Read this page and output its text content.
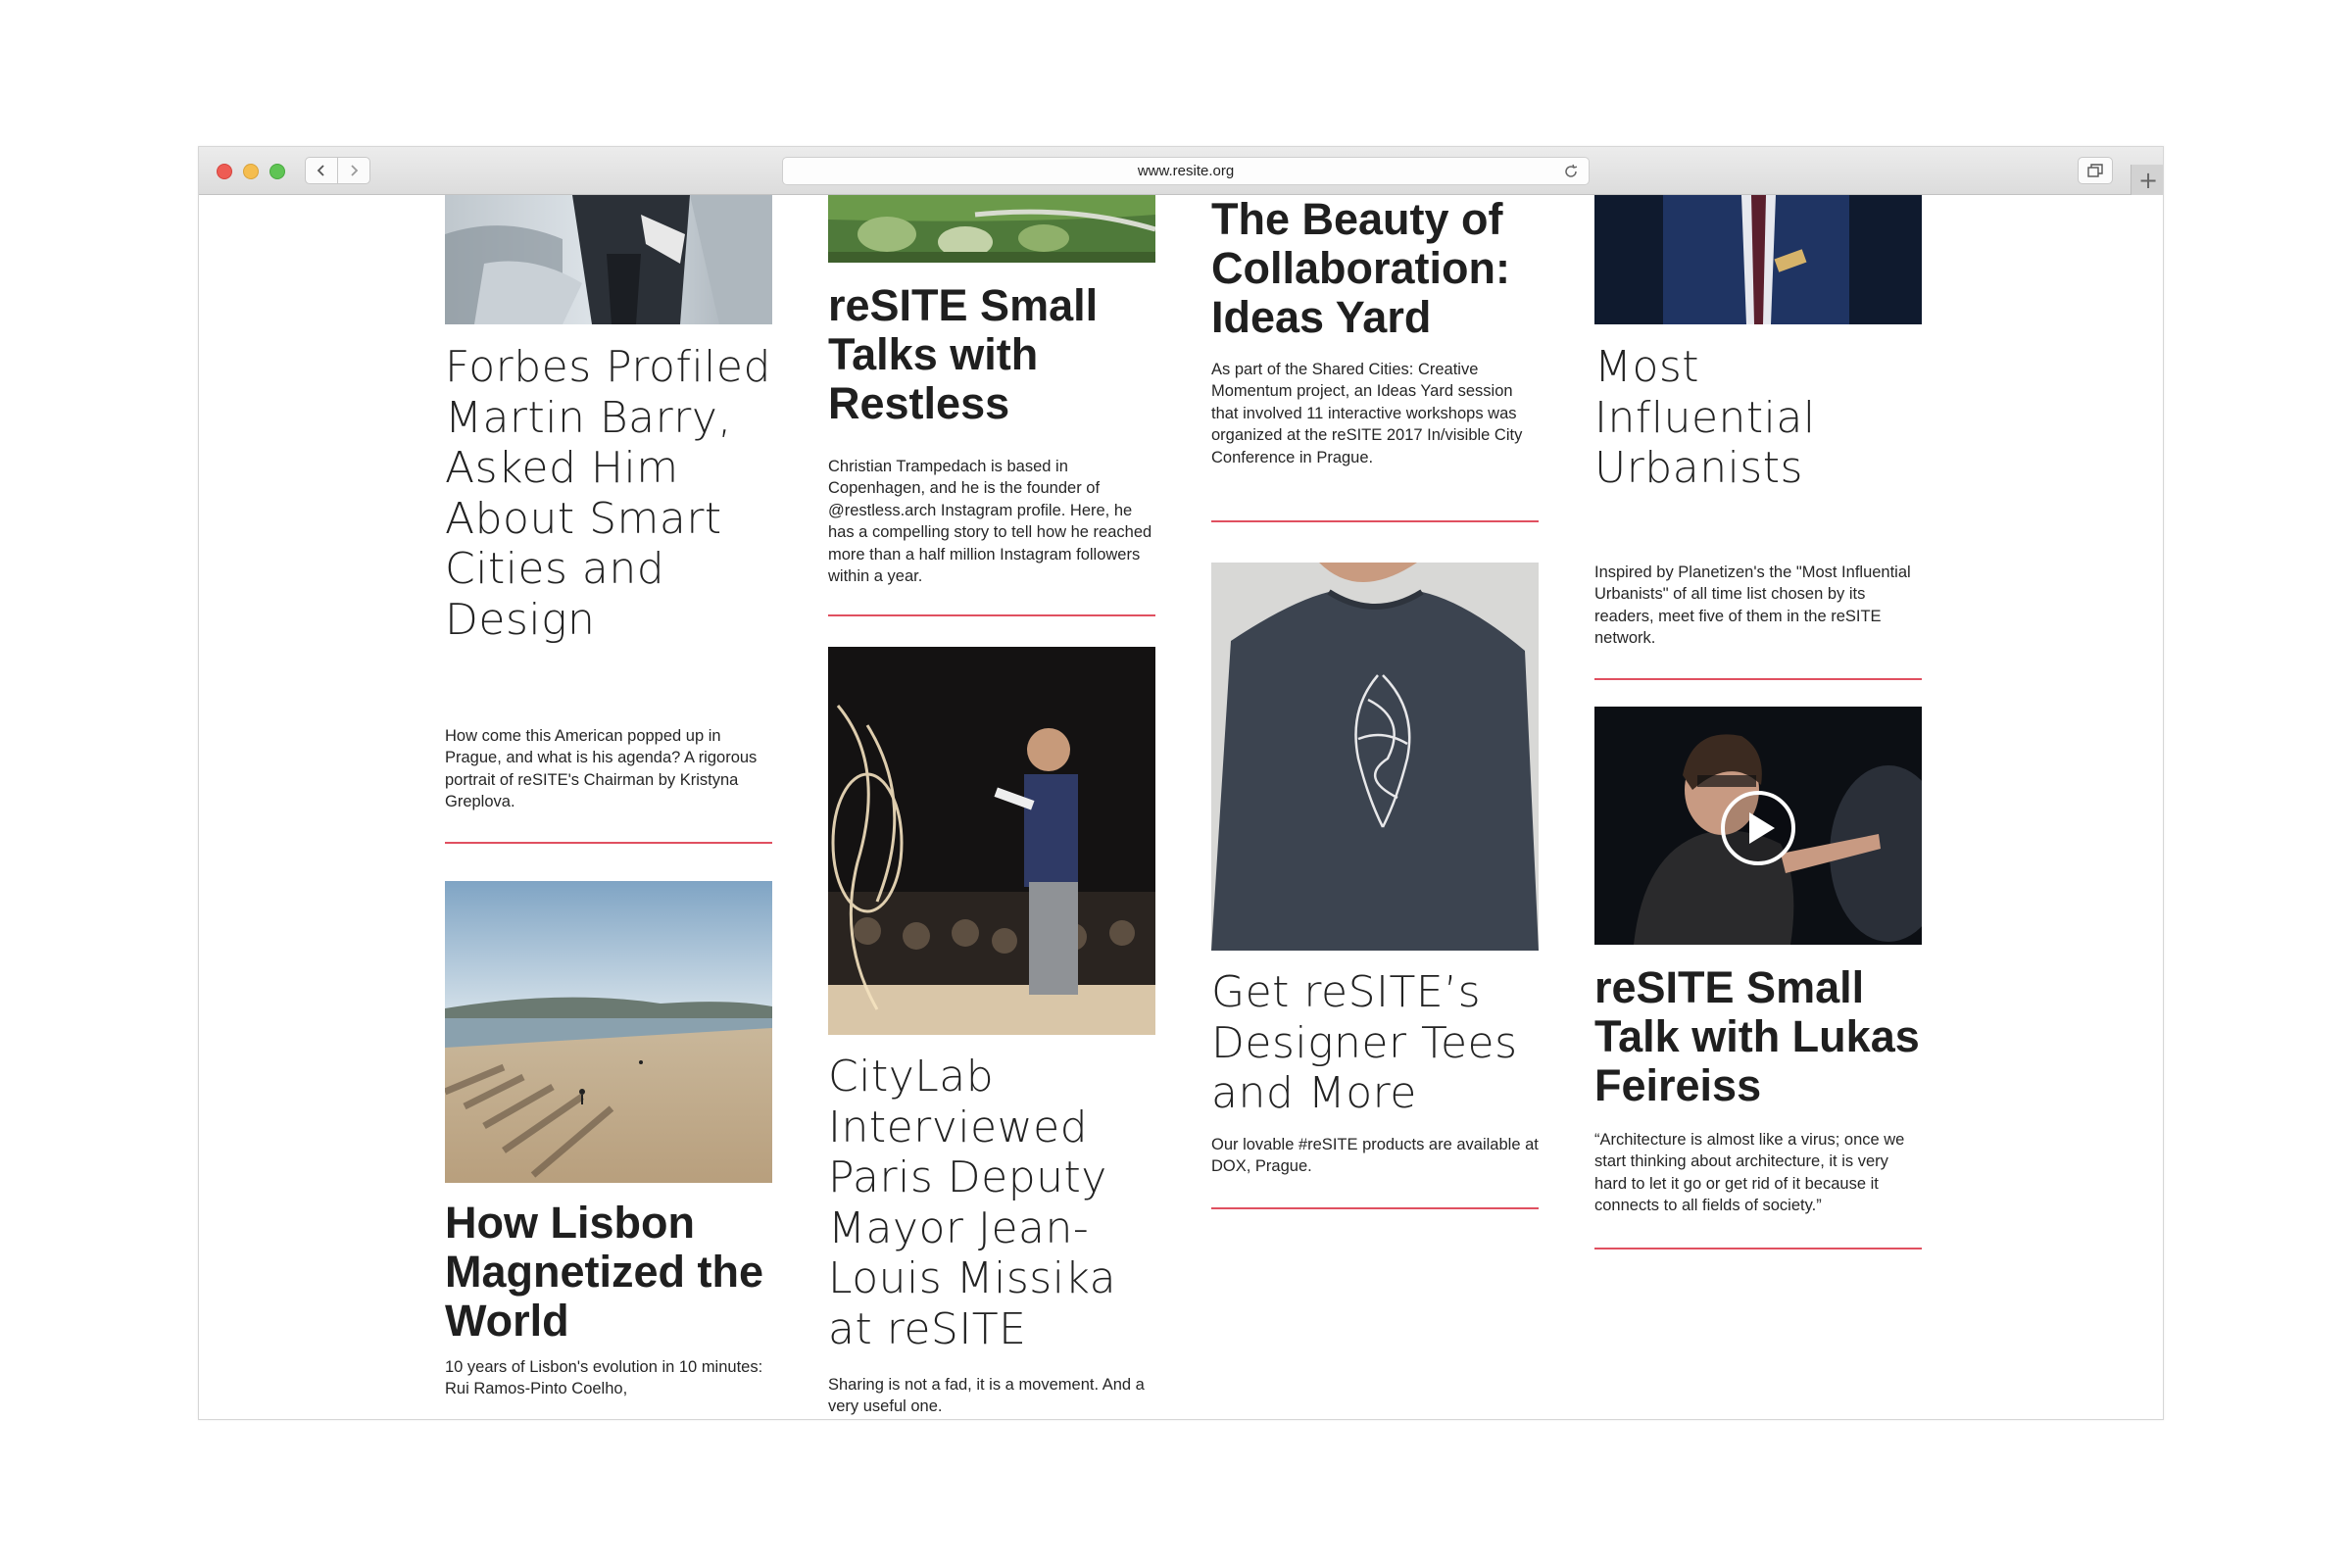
www.resite.org	+
Forbes Profiled Martin Barry, Asked Him About Smart Cities and Design
How come this American popped up in Prague, and what is his agenda? A rigorous portrait of reSITE's Chairman by Kristyna Greplova.
How Lisbon Magnetized the World
10 years of Lisbon's evolution in 10 minutes: Rui Ramos-Pinto Coelho,
reSITE Small Talks with Restless
Christian Trampedach is based in Copenhagen, and he is the founder of @restless.arch Instagram profile. Here, he has a compelling story to tell how he reached more than a half million Instagram followers within a year.
CityLab Interviewed Paris Deputy Mayor Jean-Louis Missika at reSITE
Sharing is not a fad, it is a movement. And a very useful one.
The Beauty of Collaboration: Ideas Yard
As part of the Shared Cities: Creative Momentum project, an Ideas Yard session that involved 11 interactive workshops was organized at the reSITE 2017 In/visible City Conference in Prague.
Get reSITE’s Designer Tees and More
Our lovable #reSITE products are available at DOX, Prague.
Most Influential Urbanists
Inspired by Planetizen's the "Most Influential Urbanists" of all time list chosen by its readers, meet five of them in the reSITE network.
reSITE Small Talk with Lukas Feireiss
“Architecture is almost like a virus; once we start thinking about architecture, it is very hard to let it go or get rid of it because it connects to all fields of society.”
